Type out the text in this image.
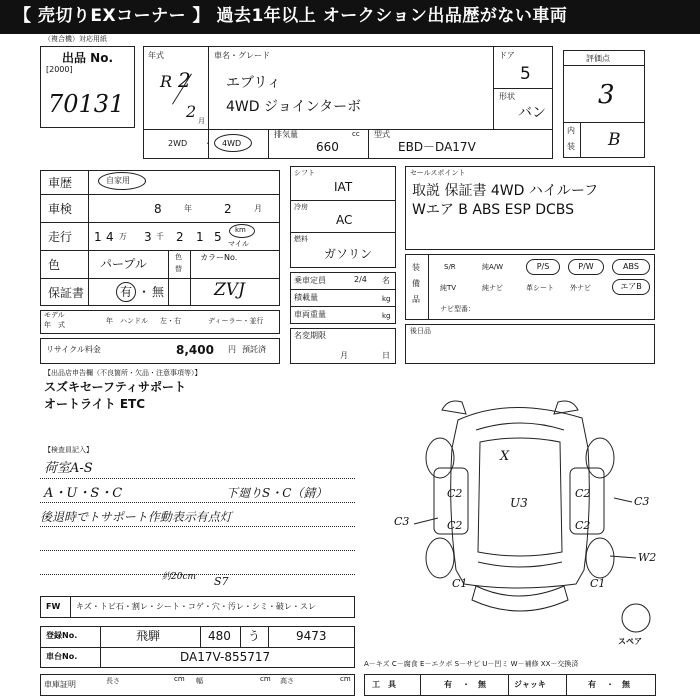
【 売切りEXコーナー 】 過去1年以上 オークション出品歴がない車両
（複合機）対応用紙
出品 No.
[2000]
70131
年式
R 2
2 月
車名・グレード
エブリィ
4WD ジョインターボ
ドア
5
形状
バン
2WD ・ 4WD
排気量	cc
660
型式
EBD－DA17V
評価点
3
内
装 B
車歴	自家用
車検	8	年	2	月
走行 1 4 万 3 千 2 1 5 km
マイル
色	パープル	色
替
カラーNo.
ZVJ
保証書	有 ・ 無
モデル
年　式	年 ハンドル 左・右	ディーラー・並行
リサイクル料金	8,400 円 預託済
シフト
IAT
冷房
AC
燃料
ガソリン
乗車定員	2/4 名
積載量	kg
車両重量	kg
名変期限
月	日
セールスポイント
取説 保証書 4WD ハイルーフ
Wエア B ABS ESP DCBS
装
備
品
S/R	純A/W	P/S	P/W	ABS
純TV	純ナビ	革シート 外ナビ	エアB
ナビ型番：
後日品
【出品店申告欄（不良箇所・欠品・注意事項等）】
スズキセーフティサポート
オートライト ETC
【検査員記入】
荷室A-S
A・U・S・C	下廻りS・C（錆）
後退時でトサポート作動表示有点灯
約20cm S7
FW キズ・トビ石・割レ・シート・コゲ・穴・汚レ・シミ・破レ・スレ
登録No.	飛騨	480 う	9473
車台No.	DA17V-855717
車庫証明	長さ	cm 幅	cm 高さ	cm
X
U3
C2
C2
C3
C2
C2
C3
W2
C1	C1
スペア
A－キズ C－腐食 E－エクボ S－サビ U－凹ミ W－補修 XX－交換済
工　具	有 ・ 無	ジャッキ	有 ・ 無
